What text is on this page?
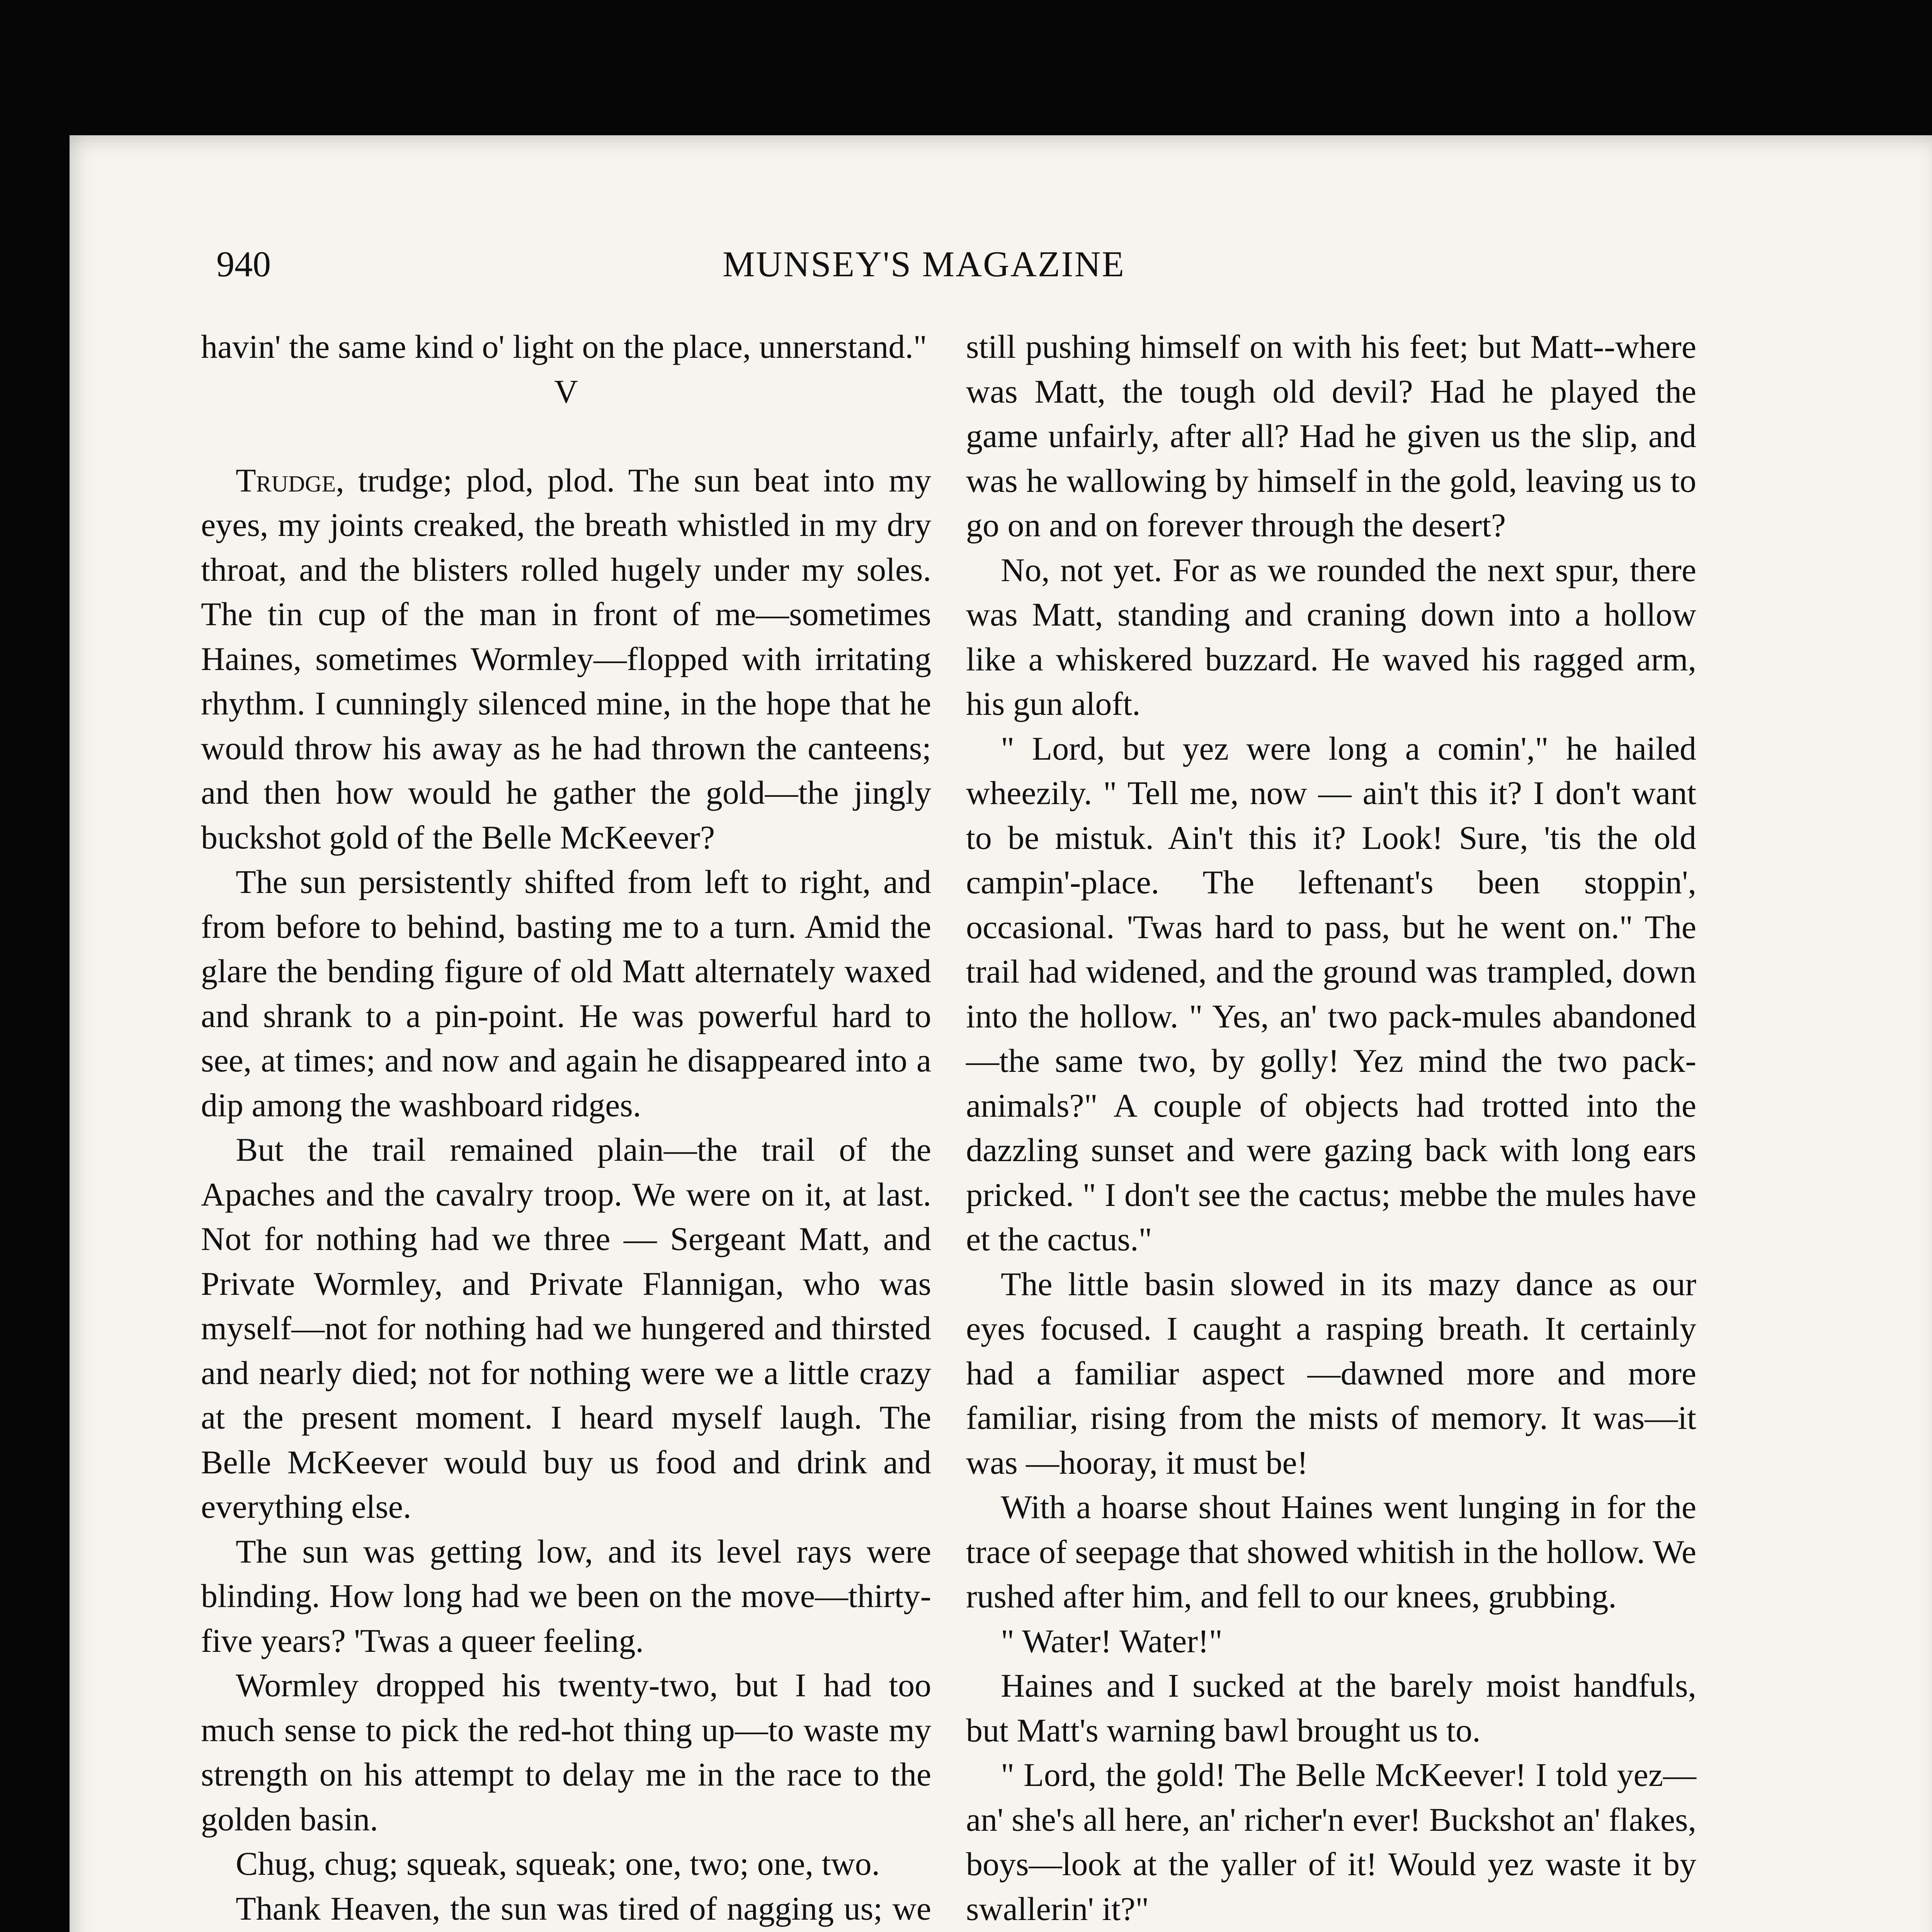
940	MUNSEY'S MAGAZINE

havin' the same kind o' light on the place, unnerstand."

V

Trudge, trudge; plod, plod. The sun beat into my eyes, my joints creaked, the breath whistled in my dry throat, and the blisters rolled hugely under my soles. The tin cup of the man in front of me—sometimes Haines, sometimes Wormley—flopped with irritating rhythm. I cunningly silenced mine, in the hope that he would throw his away as he had thrown the canteens; and then how would he gather the gold—the jingly buckshot gold of the Belle McKeever?

The sun persistently shifted from left to right, and from before to behind, basting me to a turn. Amid the glare the bending figure of old Matt alternately waxed and shrank to a pin-point. He was powerful hard to see, at times; and now and again he disappeared into a dip among the washboard ridges.

But the trail remained plain—the trail of the Apaches and the cavalry troop. We were on it, at last. Not for nothing had we three — Sergeant Matt, and Private Wormley, and Private Flannigan, who was myself—not for nothing had we hungered and thirsted and nearly died; not for nothing were we a little crazy at the present moment. I heard myself laugh. The Belle McKeever would buy us food and drink and everything else.

The sun was getting low, and its level rays were blinding. How long had we been on the move—thirty-five years? 'Twas a queer feeling.

Wormley dropped his twenty-two, but I had too much sense to pick the red-hot thing up—to waste my strength on his attempt to delay me in the race to the golden basin.

Chug, chug; squeak, squeak; one, two; one, two.

Thank Heaven, the sun was tired of nagging us; we

still pushing himself on with his feet; but Matt--where was Matt, the tough old devil? Had he played the game unfairly, after all? Had he given us the slip, and was he wallowing by himself in the gold, leaving us to go on and on forever through the desert?

No, not yet. For as we rounded the next spur, there was Matt, standing and craning down into a hollow like a whiskered buzzard. He waved his ragged arm, his gun aloft.

" Lord, but yez were long a comin'," he hailed wheezily. " Tell me, now — ain't this it? I don't want to be mistuk. Ain't this it? Look! Sure, 'tis the old campin'-place. The leftenant's been stoppin', occasional. 'Twas hard to pass, but he went on." The trail had widened, and the ground was trampled, down into the hollow. " Yes, an' two pack-mules abandoned —the same two, by golly! Yez mind the two pack-animals?" A couple of objects had trotted into the dazzling sunset and were gazing back with long ears pricked. " I don't see the cactus; mebbe the mules have et the cactus."

The little basin slowed in its mazy dance as our eyes focused. I caught a rasping breath. It certainly had a familiar aspect —dawned more and more familiar, rising from the mists of memory. It was—it was —hooray, it must be!

With a hoarse shout Haines went lunging in for the trace of seepage that showed whitish in the hollow. We rushed after him, and fell to our knees, grubbing.

" Water! Water!"

Haines and I sucked at the barely moist handfuls, but Matt's warning bawl brought us to.

" Lord, the gold! The Belle McKeever! I told yez—an' she's all here, an' richer'n ever! Buckshot an' flakes, boys—look at the yaller of it! Would yez waste it by swallerin' it?"
